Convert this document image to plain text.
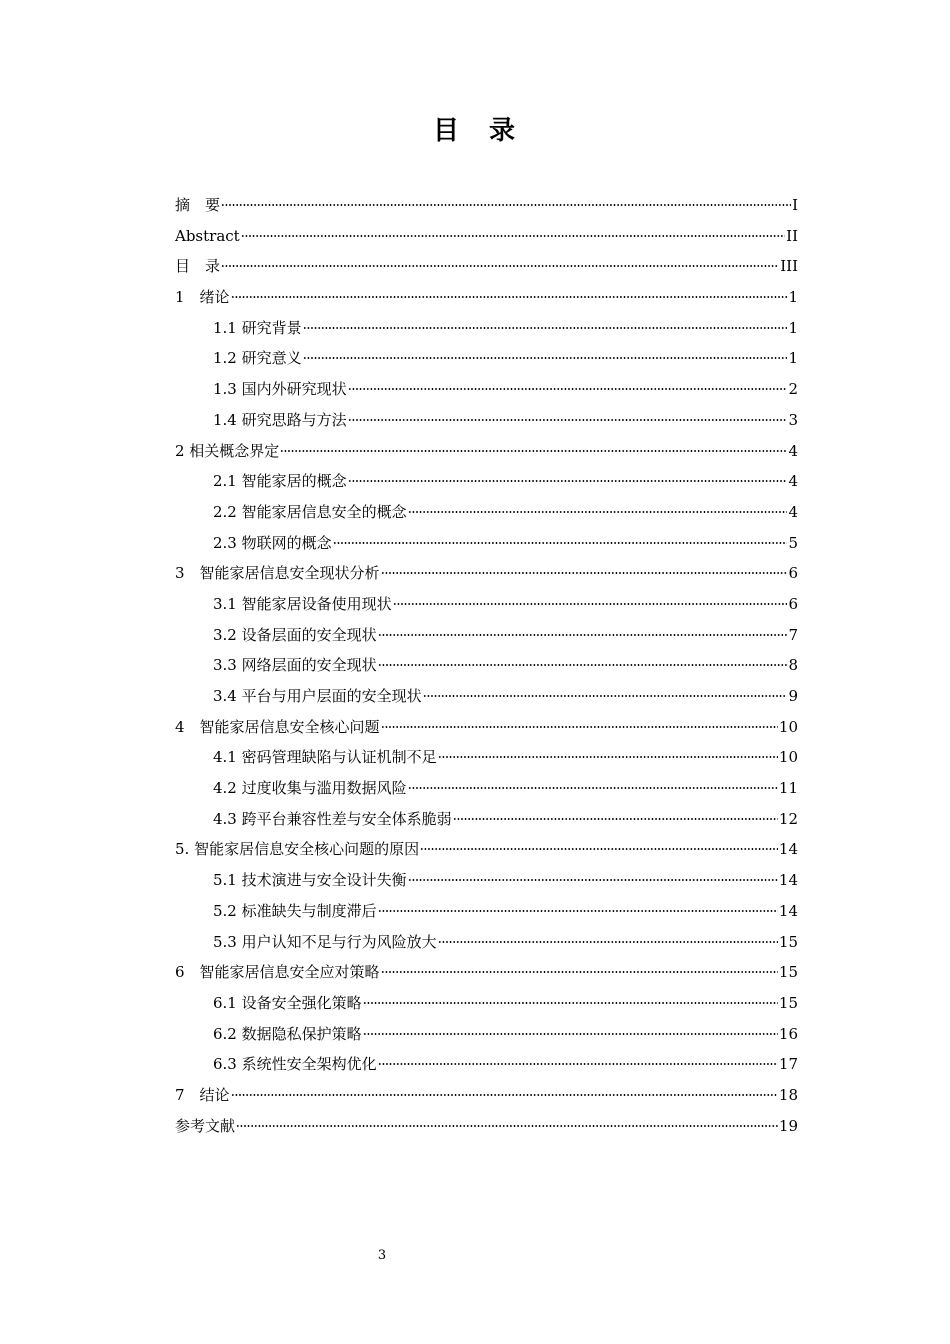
目　录
摘　要	I
Abstract	II
目　录	III
1　绪论	1
1.1 研究背景	1
1.2 研究意义	1
1.3 国内外研究现状	2
1.4 研究思路与方法	3
2 相关概念界定	4
2.1 智能家居的概念	4
2.2 智能家居信息安全的概念	4
2.3 物联网的概念	5
3　智能家居信息安全现状分析	6
3.1 智能家居设备使用现状	6
3.2 设备层面的安全现状	7
3.3 网络层面的安全现状	8
3.4 平台与用户层面的安全现状	9
4　智能家居信息安全核心问题	10
4.1 密码管理缺陷与认证机制不足	10
4.2 过度收集与滥用数据风险	11
4.3 跨平台兼容性差与安全体系脆弱	12
5. 智能家居信息安全核心问题的原因	14
5.1 技术演进与安全设计失衡	14
5.2 标准缺失与制度滞后	14
5.3 用户认知不足与行为风险放大	15
6　智能家居信息安全应对策略	15
6.1 设备安全强化策略	15
6.2 数据隐私保护策略	16
6.3 系统性安全架构优化	17
7　结论	18
参考文献	19
3
